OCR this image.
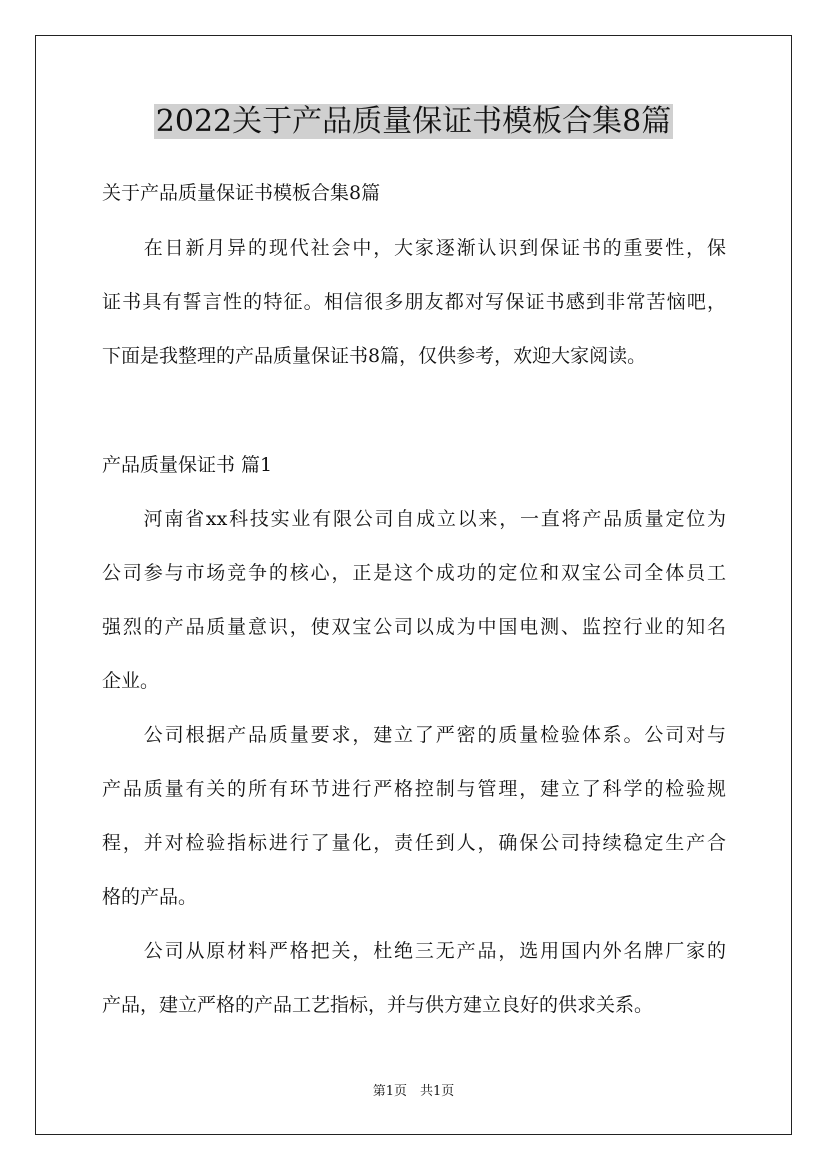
2022关于产品质量保证书模板合集8篇
关于产品质量保证书模板合集8篇
　　在日新月异的现代社会中，大家逐渐认识到保证书的重要性，保
证书具有誓言性的特征。相信很多朋友都对写保证书感到非常苦恼吧，
下面是我整理的产品质量保证书8篇，仅供参考，欢迎大家阅读。
产品质量保证书 篇1
　　河南省xx科技实业有限公司自成立以来，一直将产品质量定位为
公司参与市场竞争的核心，正是这个成功的定位和双宝公司全体员工
强烈的产品质量意识，使双宝公司以成为中国电测、监控行业的知名
企业。
　　公司根据产品质量要求，建立了严密的质量检验体系。公司对与
产品质量有关的所有环节进行严格控制与管理，建立了科学的检验规
程，并对检验指标进行了量化，责任到人，确保公司持续稳定生产合
格的产品。
　　公司从原材料严格把关，杜绝三无产品，选用国内外名牌厂家的
产品，建立严格的产品工艺指标，并与供方建立良好的供求关系。
第1页　共1页
